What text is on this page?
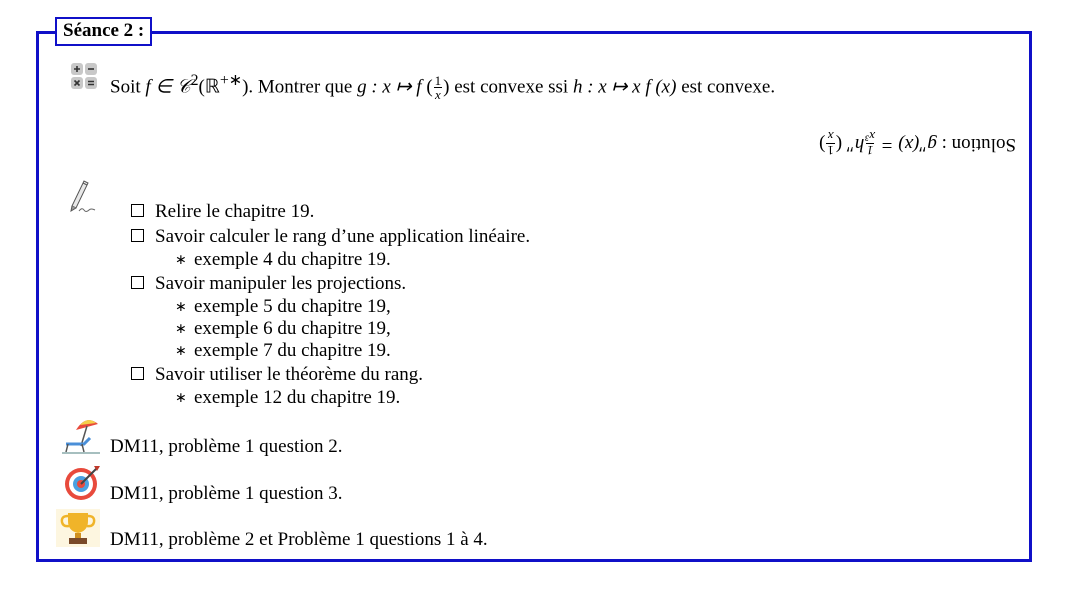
Séance 2 :
Soit f ∈ 𝒞$^2$(ℝ+∗). Montrer que g : x ↦ f ( $\frac{1}{x}$ ) est convexe ssi h : x ↦ x f (x) est convexe.
Solution : g″(x) =
1
x³
h″ (
1
x
)
Relire le chapitre 19.
Savoir calculer le rang d’une application linéaire.
∗ exemple 4 du chapitre 19.
Savoir manipuler les projections.
∗ exemple 5 du chapitre 19,
∗ exemple 6 du chapitre 19,
∗ exemple 7 du chapitre 19.
Savoir utiliser le théorème du rang.
∗ exemple 12 du chapitre 19.
DM11, problème 1 question 2.
DM11, problème 1 question 3.
DM11, problème 2 et Problème 1 questions 1 à 4.
